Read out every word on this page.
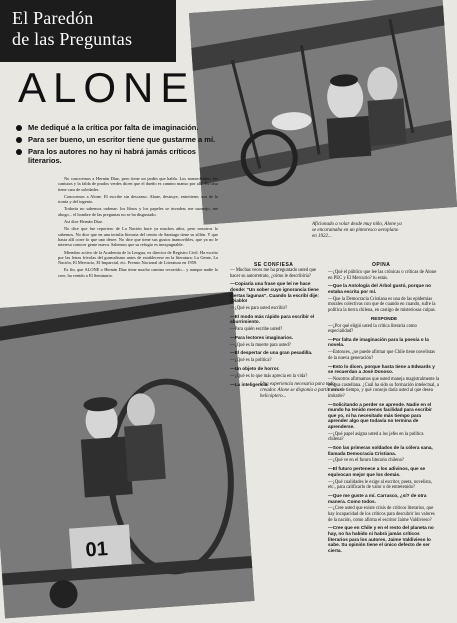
El Paredón
de las Preguntas
ALONE
Me dediqué a la crítica por falta de imaginación.
Para ser bueno, un escritor tiene que gustarme a mí.
Para los autores no hay ni habrá jamás críticos literarios.

No conocemos a Hernán Díaz, pero tiene un jardín que habla. Los nomeolvides, los cantutos y la falda de prados verdes dicen que el dueño es camino manso por allí. Es casa tiene cara de soledades.

Conocemos a Alone. El escribe sin descanso. Abate, destruye, entretiene; usa de la ironía y del ingenio.

Todavía no sabemos ordenar: los libros y los papeles se invaden; me sumerjo, me ahogo... el hombre de las preguntas no se ha disgustado.

Así dice Hernán Díaz.

No dice que fue reportero de La Nación hace ya muchos años, pero nosotros lo sabemos. No dice que en una tertulia literaria del centro de Santiago tiene su sillón. Y que hasta allí corre lo que uno desee. No dice que tiene sus gustos inamovibles, que ya no le interesa conocer gente nueva. Sabemos que su refugio es inexpugnable.

Miembro activo de la Academia de la Lengua, ex director de Registro Civil. Ha escrito por las letras frívolas del gurmalismo antes de establecerse en la literatura: La Gente, La Nación, El Mercurio, El Imparcial, etc. Premio Nacional de Literatura en 1959.

Es fin, que ALONE o Hernán Díaz tiene mucho camino recorrido... y aunque nadie lo cree, ha venido a El Seminario.

Aficionado a volar desde muy niño, Alone ya se encaramaba en un pintoresco aeroplano en 1922...
01
Una experiencia necesaria para todo creador. Alone se disponía a partir en un helicóptero...
SE CONFIESA	OPINA

— Muchas veces me ha preguntado usted que hacer su autorretrato, ¿cómo le describiría?

—Copiaría una frase que leí ne hace dosde: "Un sober cuyo ignorancia tiene ciertas lagunas". Cuando la escribí dije: ¡Diablo!

—¿Qué es para usted escribir?

—El modo más rápido para escribir el aburrimiento.

—Para quién escribe usted?

—Para lectores imaginarios.

—¿Qué es la muerte para usted?

—El despertar de una gran pesadilla.

—¿Qué es la política?

—Un objeto de horror.

—¿Qué es lo que más aprecia en la vida?

—La inteligencia.

—¿Qué el público que lee las crónicas o críticas de Alone en PEC y El Mercurio? tu estás.

—Que la Antología del Árbol gustó, porque no estaba escrita por mí.

—Que la Democracia Cristiana es una de las epidemias morales colectivas con que de cuando en cuando, sufre la política la tierra chilena, en castigo de misteriosas culpas.

RESPONDE

—¿Por qué eligió usted la crítica literaria como especialidad?

—Por falta de imaginación para la poesía o la novela.

—Entonces, ¿se puede afirmar que Chile tiene novelistas de la nueva generación?

—Esto lo dicen, porque hasta tiene a Edwards y se recuerdan a José Donoso.

—Nosotros afirmamos que usted maneja magistralmente la lengua castellana. ¿Cuál ha sido su formación intelectual, a través de tiempo, y qué consejo daría usted al que desea imitarle?

—Solicitando a perder se aprende. Nadie en el mundo ha tenido menos facilidad para escribir que yo, ni ha necesitado más tiempo para aprender algo que todavía no termina de aprenderse.

—¿Qué papel asigna usted a los jefes en la política chilena?

—Son las primeras soldados de la cólera sana, llamada Democracia Cristiana.

—¿Qué ve en el futuro literario chileno?

—El futuro pertenece a los adivinos, que se equivocan mejor que los demás.

—¿Qué cualidades le exige al escritor, poeta, novelista, etc., para calificarlo de valor o de entretenido?

—Que me guste a mí. Carrasco, ¿sí? de otra manera. Como todos.

—¿Cree usted que existe crisis de críticos literarios, que hay incapacidad de los críticos para descubrir los valores de la nación, como afirma el escritor Jaime Valdivieso?

—Cree que en Chile y en el resto del planeta no hay, no ha habido ni habrá jamás críticos literarios para los autores. Jaime Valdivieso lo sabe. Su opinión tiene el único defecto de ser cierta.
